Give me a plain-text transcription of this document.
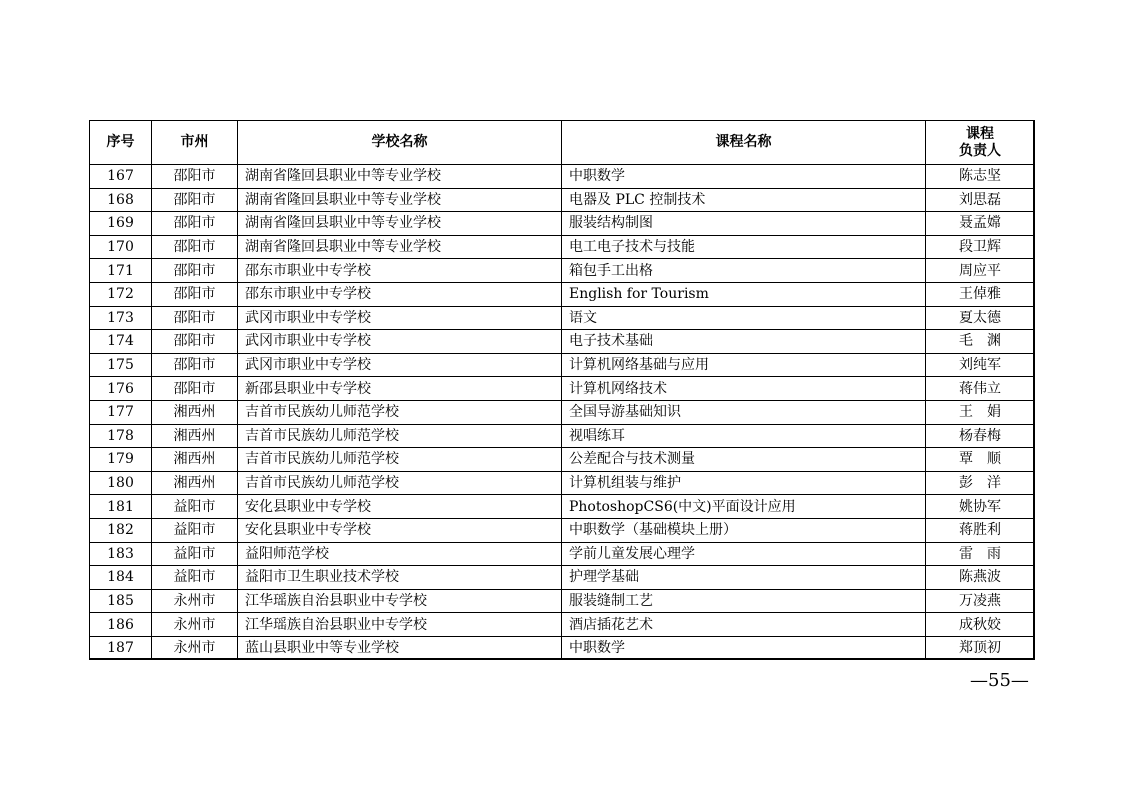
序号	市州	学校名称	课程名称	课程
负责人

167	邵阳市	湖南省隆回县职业中等专业学校	中职数学	陈志坚
168	邵阳市	湖南省隆回县职业中等专业学校	电器及 PLC 控制技术	刘思磊
169	邵阳市	湖南省隆回县职业中等专业学校	服装结构制图	聂孟嫦
170	邵阳市	湖南省隆回县职业中等专业学校	电工电子技术与技能	段卫辉
171	邵阳市	邵东市职业中专学校	箱包手工出格	周应平
172	邵阳市	邵东市职业中专学校	English for Tourism	王倬雅
173	邵阳市	武冈市职业中专学校	语文	夏太德
174	邵阳市	武冈市职业中专学校	电子技术基础	毛　渊
175	邵阳市	武冈市职业中专学校	计算机网络基础与应用	刘纯军
176	邵阳市	新邵县职业中专学校	计算机网络技术	蒋伟立
177	湘西州	吉首市民族幼儿师范学校	全国导游基础知识	王　娟
178	湘西州	吉首市民族幼儿师范学校	视唱练耳	杨春梅
179	湘西州	吉首市民族幼儿师范学校	公差配合与技术测量	覃　顺
180	湘西州	吉首市民族幼儿师范学校	计算机组装与维护	彭　洋
181	益阳市	安化县职业中专学校	PhotoshopCS6(中文)平面设计应用	姚协军
182	益阳市	安化县职业中专学校	中职数学（基础模块上册）	蒋胜利
183	益阳市	益阳师范学校	学前儿童发展心理学	雷　雨
184	益阳市	益阳市卫生职业技术学校	护理学基础	陈燕波
185	永州市	江华瑶族自治县职业中专学校	服装缝制工艺	万凌燕
186	永州市	江华瑶族自治县职业中专学校	酒店插花艺术	成秋姣
187	永州市	蓝山县职业中等专业学校	中职数学	郑顶初
—55—
